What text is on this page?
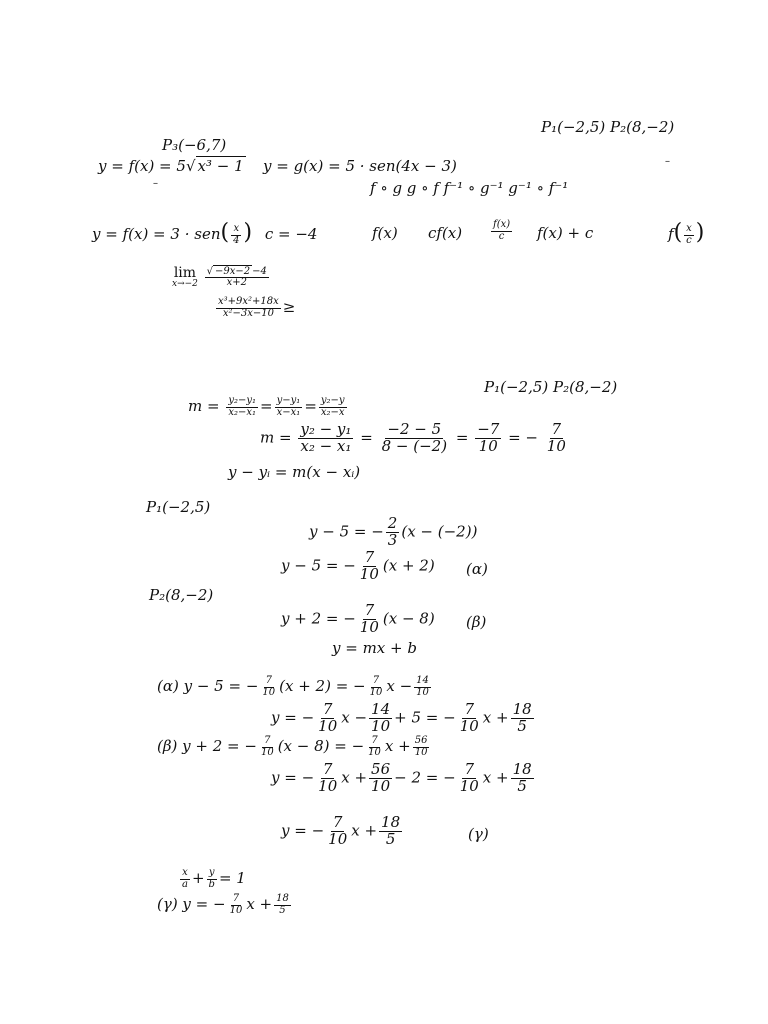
P₁(−2,5) P₂(8,−2)
P₃(−6,7)
y = f(x) = 5√ x³ − 1 y = g(x) = 5 · sen(4x − 3)	–
–	f ∘ g g ∘ f f⁻¹ ∘ g⁻¹ g⁻¹ ∘ f⁻¹
$y = f(x) = 3 \cdot sen( \frac{x}{4}$ ) c = −4	f(x) cf(x)	$\frac{f(x)}{c} f(x) + c$	$f( \frac{x}{c}$ )
lim
x→−2
$\frac{√ -9x-2 -4}{x+2}$
$\frac{\text{x³+9x²+18x}}{\text{x²−3x−10}}$ ≥
P₁(−2,5) P₂(8,−2)
$m = \frac{\text{y₂−y₁}}{\text{x₂−x₁}} = \frac{\text{y−y₁}}{\text{x−x₁}} = \frac{\text{y₂−y}}{\text{x₂−x}}$
$m = \frac{\text{y₂ − y₁}}{\text{x₂ − x₁}} = \frac{-2 - 5}{8 - (-2)} = \frac{-7}{10}$ = − $\frac{7}{10}$
y − yᵢ = m(x − xᵢ)
P₁(−2,5)
y − 5 = − $\frac{2}{3} (x - (-2))$
y − 5 = − $\frac{7}{10} (x + 2)$ (α)
P₂(8,−2)
y + 2 = − $\frac{7}{10} (x - 8)$ (β)
y = mx + b
(α) y − 5 = − $\frac{7}{10} (x + 2)$ = − $\frac{7}{10}$ $x - \frac{14}{10}$
y = − $\frac{7}{10}$ $x - \frac{14}{10} + 5$ = − $\frac{7}{10}$ $x + \frac{18}{5}$
(β) y + 2 = − $\frac{7}{10} (x - 8)$ = − $\frac{7}{10}$ $x + \frac{56}{10}$
y = − $\frac{7}{10}$ $x + \frac{56}{10} - 2$ = − $\frac{7}{10}$ $x + \frac{18}{5}$
y = − $\frac{7}{10}$ $x + \frac{18}{5}$	(γ)
$\frac{x}{a} + \frac{y}{b} = 1$
(γ) y = − $\frac{7}{10}$ $x + \frac{18}{5}$
